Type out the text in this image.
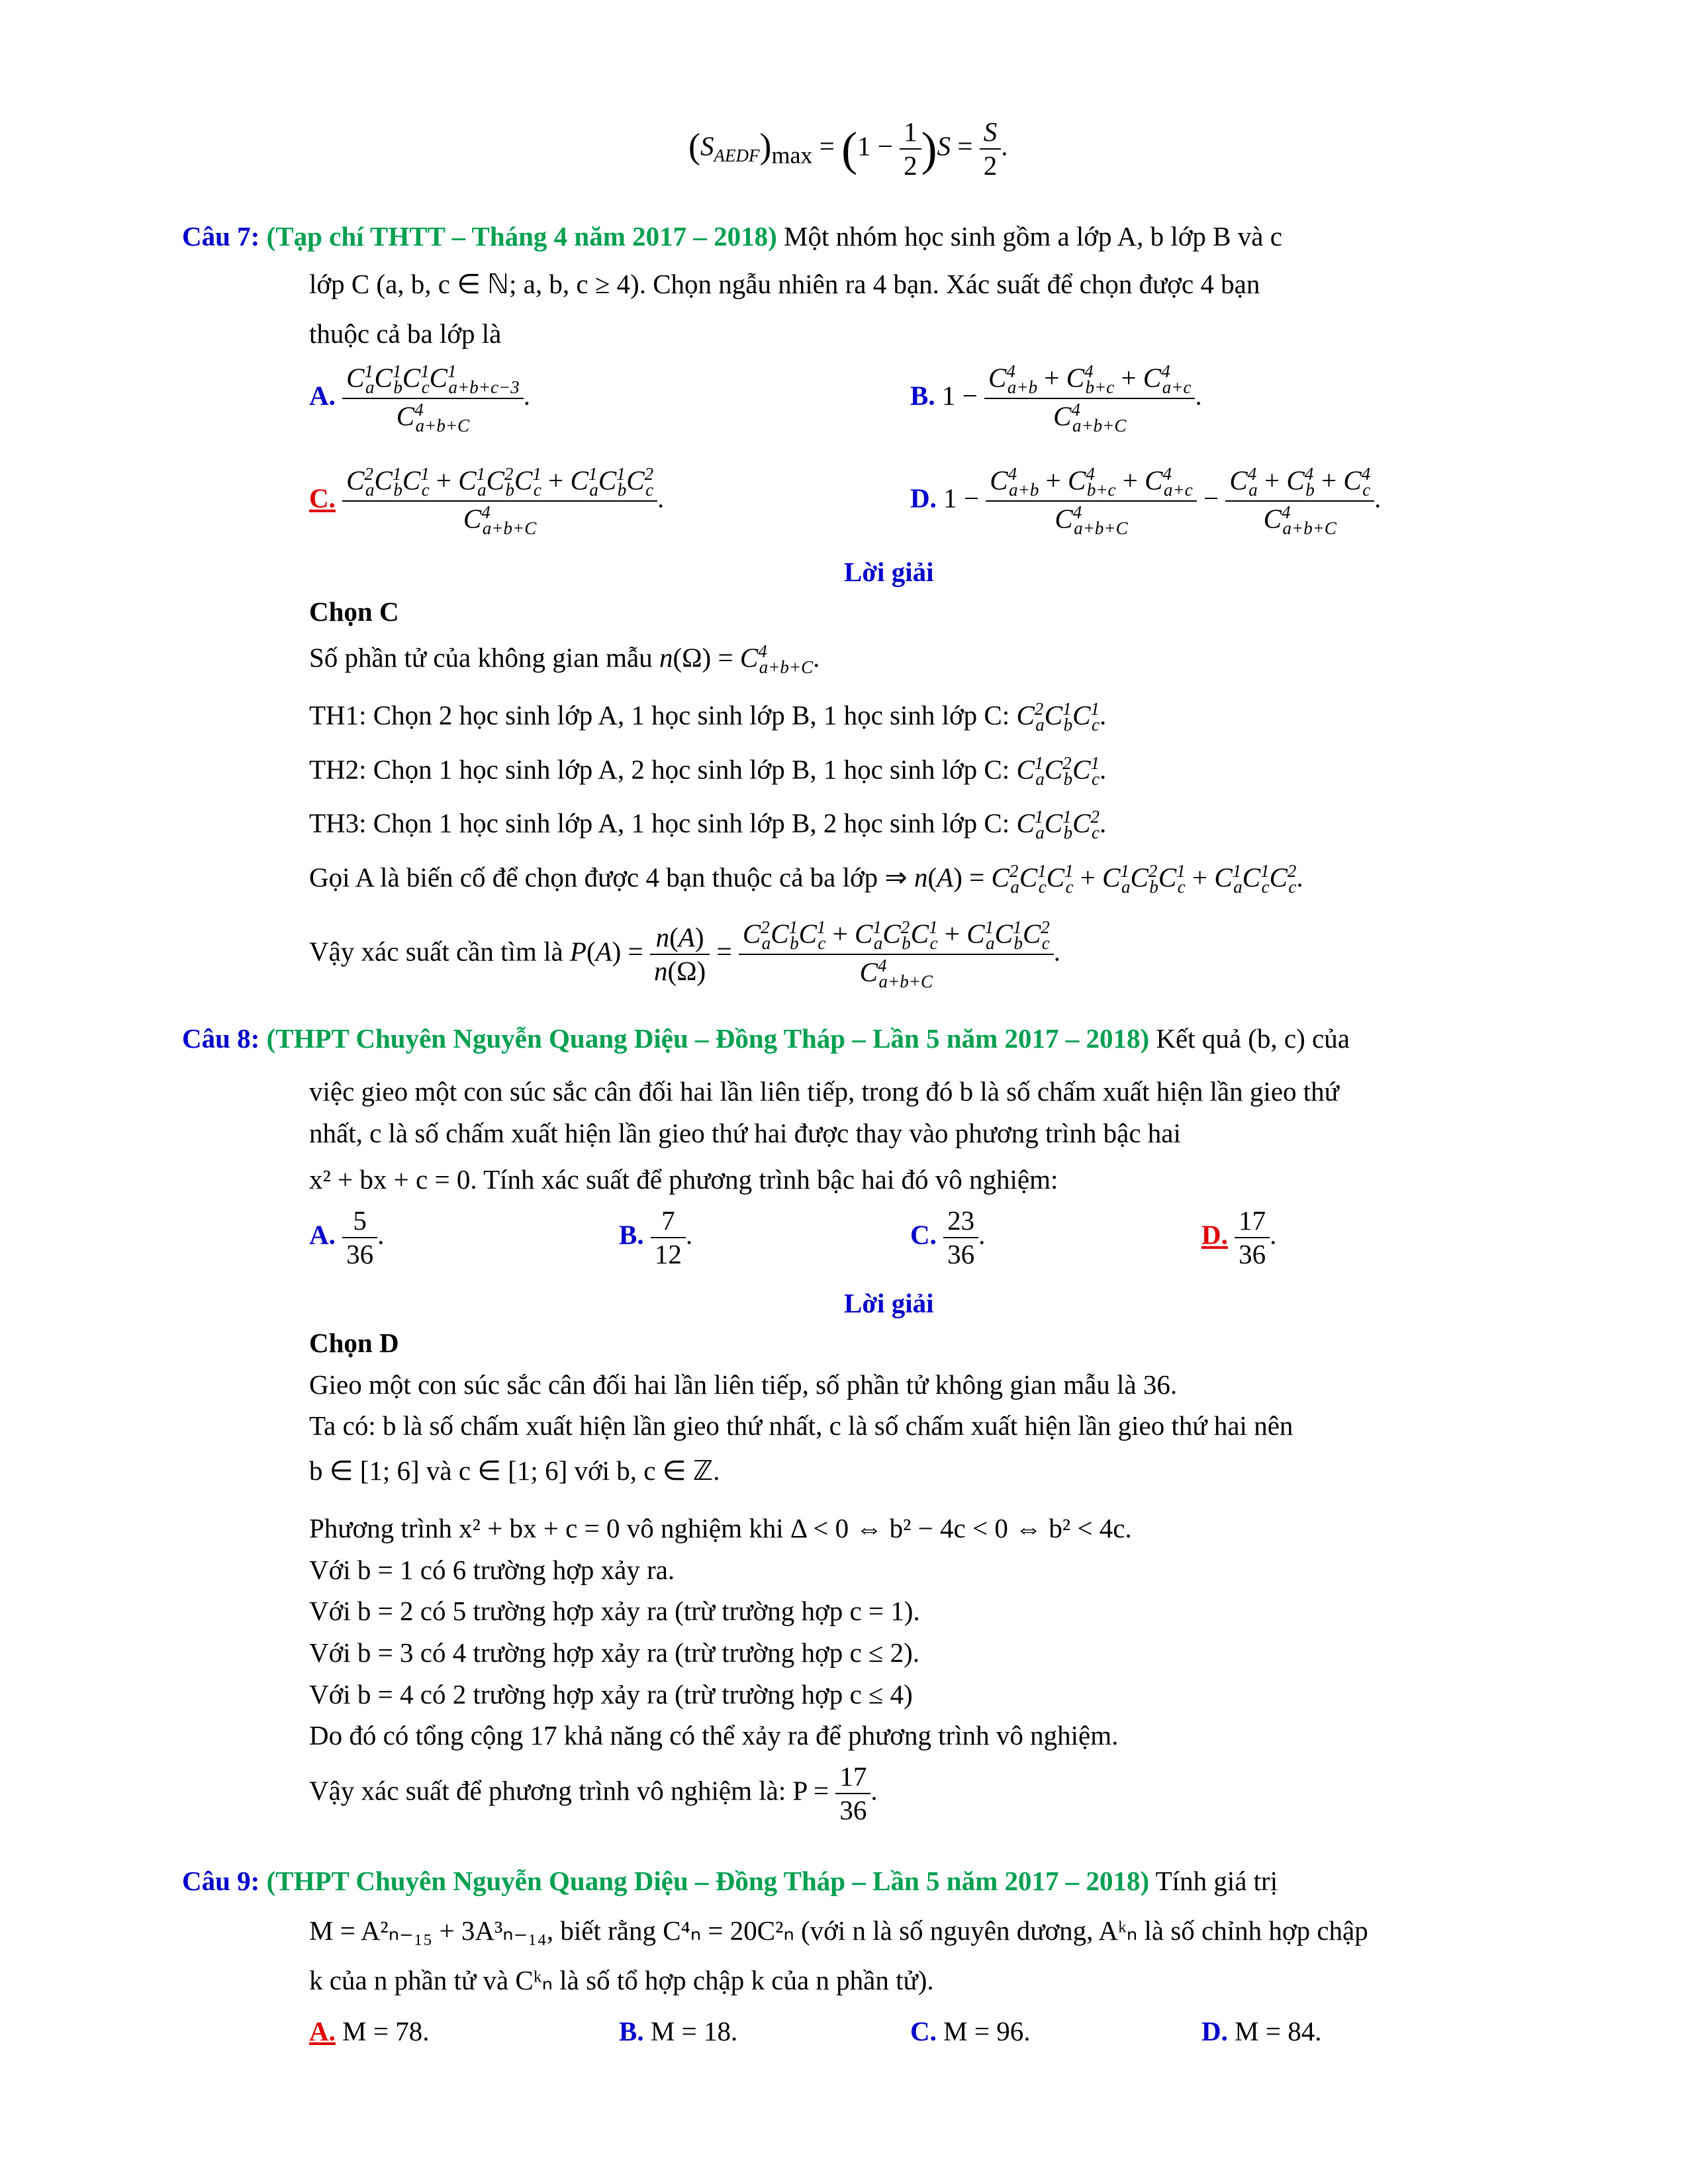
$(S_{AEDF})\max = (1 - \frac{1}{2} )S = \frac{S}{2}$ .
Câu 7: (Tạp chí THTT – Tháng 4 năm 2017 – 2018) Một nhóm học sinh gồm a lớp A, b lớp B và c
lớp C (a, b, c ∈ ℕ; a, b, c ≥ 4). Chọn ngẫu nhiên ra 4 bạn. Xác suất để chọn được 4 bạn
thuộc cả ba lớp là
A. $\frac{C^1_aC^1_bC^1_cC^1_{a+b+c-3}}{C^4_{a+b+C}}$ .	B. $1 - \frac{C^4_{a+b} + C^4_{b+c} + C^4_{a+c}}{C^4_{a+b+C}}$ .
C. $\frac{C^2_aC^1_bC^1_c + C^1_aC^2_bC^1_c + C^1_aC^1_bC^2_c}{C^4_{a+b+C}}$ .	D. $1 - \frac{C^4_{a+b} + C^4_{b+c} + C^4_{a+c}}{C^4_{a+b+C}} - \frac{C^4_a + C^4_b + C^4_c}{C^4_{a+b+C}}$ .
Lời giải
Chọn C
Số phần tử của không gian mẫu $n(\Omega) = C^4_{a+b+C}$.
TH1: Chọn 2 học sinh lớp A, 1 học sinh lớp B, 1 học sinh lớp C: $C^2_aC^1_bC^1_c$.
TH2: Chọn 1 học sinh lớp A, 2 học sinh lớp B, 1 học sinh lớp C: $C^1_aC^2_bC^1_c$.
TH3: Chọn 1 học sinh lớp A, 1 học sinh lớp B, 2 học sinh lớp C: $C^1_aC^1_bC^2_c$.
Gọi A là biến cố để chọn được 4 bạn thuộc cả ba lớp ⇒ $n(A) = C^2_aC^1_cC^1_c + C^1_aC^2_bC^1_c + C^1_aC^1_cC^2_c$.
Vậy xác suất cần tìm là $P(A) = \frac{n(A)}{n(\Omega)} = \frac{C^2_aC^1_bC^1_c + C^1_aC^2_bC^1_c + C^1_aC^1_bC^2_c}{C^4_{a+b+C}}$ .
Câu 8: (THPT Chuyên Nguyễn Quang Diệu – Đồng Tháp – Lần 5 năm 2017 – 2018) Kết quả (b, c) của
việc gieo một con súc sắc cân đối hai lần liên tiếp, trong đó b là số chấm xuất hiện lần gieo thứ
nhất, c là số chấm xuất hiện lần gieo thứ hai được thay vào phương trình bậc hai
x² + bx + c = 0. Tính xác suất để phương trình bậc hai đó vô nghiệm:
A. $\frac{5}{36}$ .	B. $\frac{7}{12}$ .	C. $\frac{23}{36}$ .	D. $\frac{17}{36}$ .
Lời giải
Chọn D
Gieo một con súc sắc cân đối hai lần liên tiếp, số phần tử không gian mẫu là 36.
Ta có: b là số chấm xuất hiện lần gieo thứ nhất, c là số chấm xuất hiện lần gieo thứ hai nên
b ∈ [1; 6] và c ∈ [1; 6] với b, c ∈ ℤ.
Phương trình x² + bx + c = 0 vô nghiệm khi Δ < 0 ⇔ b² − 4c < 0 ⇔ b² < 4c.
Với b = 1 có 6 trường hợp xảy ra.
Với b = 2 có 5 trường hợp xảy ra (trừ trường hợp c = 1).
Với b = 3 có 4 trường hợp xảy ra (trừ trường hợp c ≤ 2).
Với b = 4 có 2 trường hợp xảy ra (trừ trường hợp c ≤ 4)
Do đó có tổng cộng 17 khả năng có thể xảy ra để phương trình vô nghiệm.
Vậy xác suất để phương trình vô nghiệm là: $P = \frac{17}{36}$ .
Câu 9: (THPT Chuyên Nguyễn Quang Diệu – Đồng Tháp – Lần 5 năm 2017 – 2018) Tính giá trị
M = A²ₙ₋₁₅ + 3A³ₙ₋₁₄, biết rằng C⁴ₙ = 20C²ₙ (với n là số nguyên dương, Aᵏₙ là số chỉnh hợp chập
k của n phần tử và Cᵏₙ là số tổ hợp chập k của n phần tử).
A. M = 78.	B. M = 18.	C. M = 96.	D. M = 84.
